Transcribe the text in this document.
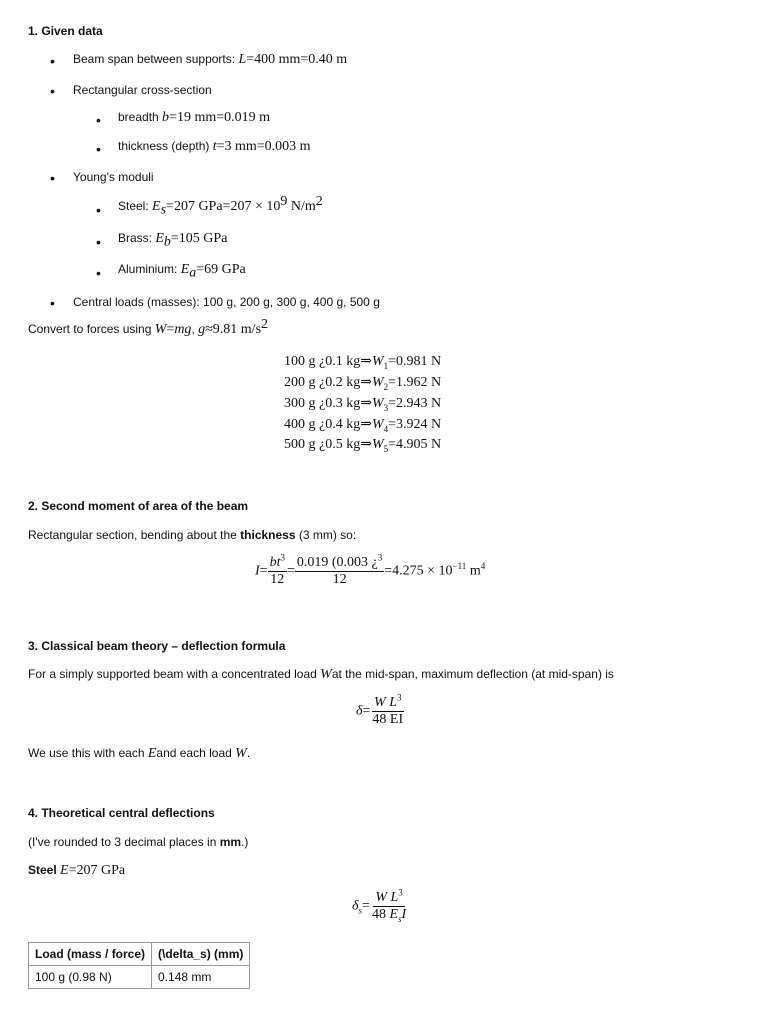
1. Given data
• Beam span between supports: L=400 mm=0.40 m
• Rectangular cross-section
• breadth b=19 mm=0.019 m
• thickness (depth) t=3 mm=0.003 m
• Young's moduli
• Steel: $E_s=207$ $GPa=207 \times 10^9$ $N/m^2$
• Brass: $E_b=105$ GPa
• Aluminium: $E_a=69$ GPa
• Central loads (masses): 100 g, 200 g, 300 g, 400 g, 500 g
Convert to forces using W=mg, g≈9.81 $m/s^2$
100 g ¿0.1 $kg\Rightarrow W_1=0.981$ N
200 g ¿0.2 $kg\Rightarrow W_2=1.962$ N
300 g ¿0.3 $kg\Rightarrow W_3=2.943$ N
400 g ¿0.4 $kg\Rightarrow W_4=3.924$ N
500 g ¿0.5 $kg\Rightarrow W_5=4.905$ N
2. Second moment of area of the beam
Rectangular section, bending about the thickness (3 mm) so:
$I= \frac{bt^3}{12} = \frac{0.019 (0.003 ¿^3}{12} =4.275 \times 10^{-11}$ $m^4$
3. Classical beam theory – deflection formula
For a simply supported beam with a concentrated load Wat the mid-span, maximum deflection (at mid-span) is
$\delta= \frac{W L^3}{48 EI}$
We use this with each Eand each load W.
4. Theoretical central deflections
(I've rounded to 3 decimal places in mm.)
Steel E=207 GPa
$\delta_s= \frac{W L^3}{48 E_sI}$
Load (mass / force)	(\delta_s) (mm)
100 g (0.98 N)	0.148 mm
